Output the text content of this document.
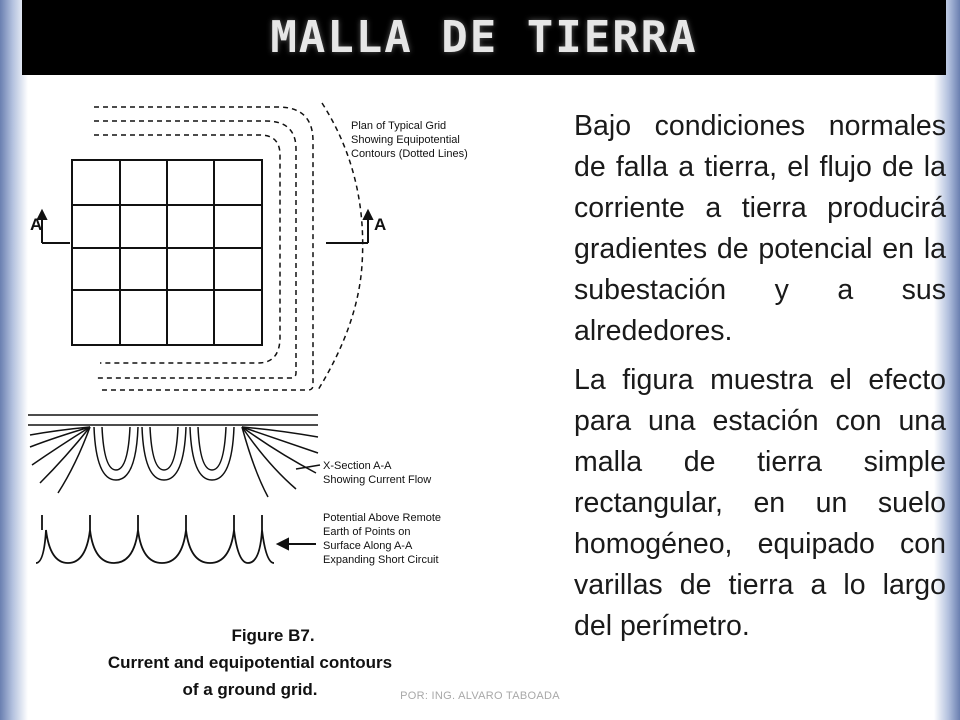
MALLA DE TIERRA
A	A
Plan of Typical Grid
Showing Equipotential
Contours (Dotted Lines)
X-Section A-A
Showing Current Flow
Potential Above Remote
Earth of Points on
Surface Along A-A
Expanding Short Circuit
Figure B7.
Current and equipotential contours
of a ground grid.

Bajo condiciones normales de falla a tierra, el flujo de la corriente a tierra producirá gradientes de potencial en la subestación y a sus alrededores.

La figura muestra el efecto para una estación con una malla de tierra simple rectangular, en un suelo homogéneo, equipado con varillas de tierra a lo largo del perímetro.

POR: ING. ALVARO TABOADA
